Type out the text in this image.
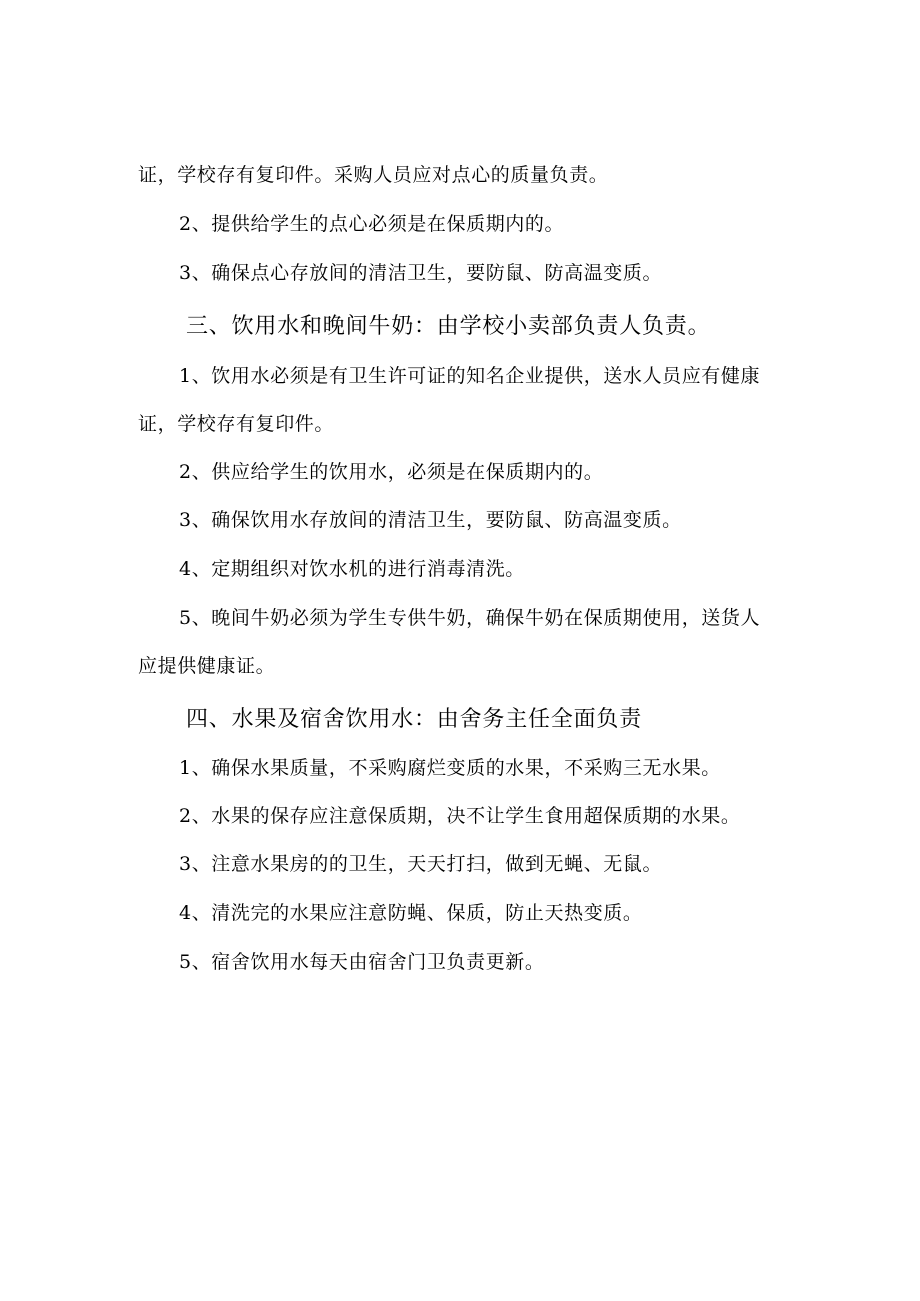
证，学校存有复印件。采购人员应对点心的质量负责。

2、提供给学生的点心必须是在保质期内的。

3、确保点心存放间的清洁卫生，要防鼠、防高温变质。

三、饮用水和晚间牛奶：由学校小卖部负责人负责。

1、饮用水必须是有卫生许可证的知名企业提供，送水人员应有健康

证，学校存有复印件。

2、供应给学生的饮用水，必须是在保质期内的。

3、确保饮用水存放间的清洁卫生，要防鼠、防高温变质。

4、定期组织对饮水机的进行消毒清洗。

5、晚间牛奶必须为学生专供牛奶，确保牛奶在保质期使用，送货人

应提供健康证。

四、水果及宿舍饮用水：由舍务主任全面负责

1、确保水果质量，不采购腐烂变质的水果，不采购三无水果。

2、水果的保存应注意保质期，决不让学生食用超保质期的水果。

3、注意水果房的的卫生，天天打扫，做到无蝇、无鼠。

4、清洗完的水果应注意防蝇、保质，防止天热变质。

5、宿舍饮用水每天由宿舍门卫负责更新。
